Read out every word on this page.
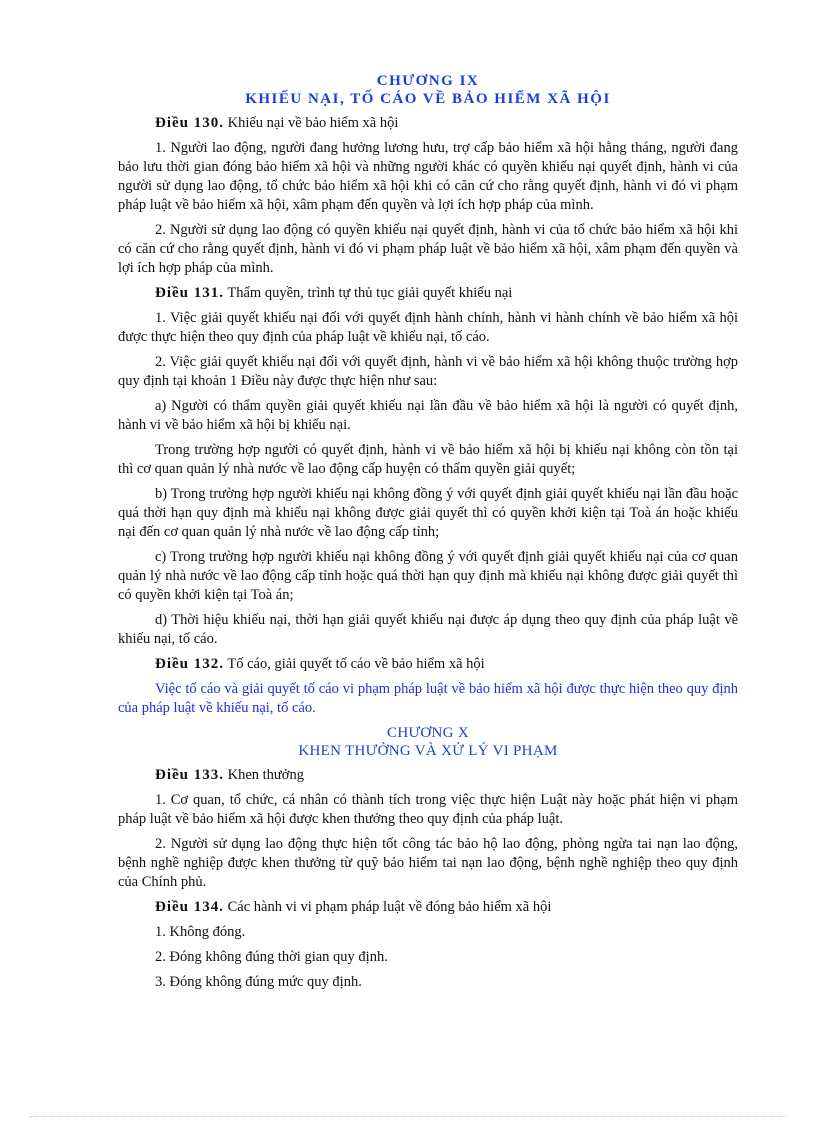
CHƯƠNG IX

KHIẾU NẠI, TỐ CÁO VỀ BẢO HIỂM XÃ HỘI

Điều 130. Khiếu nại về bảo hiểm xã hội

1. Người lao động, người đang hưởng lương hưu, trợ cấp bảo hiểm xã hội hằng tháng, người đang bảo lưu thời gian đóng bảo hiểm xã hội và những người khác có quyền khiếu nại quyết định, hành vi của người sử dụng lao động, tổ chức bảo hiểm xã hội khi có căn cứ cho rằng quyết định, hành vi đó vi phạm pháp luật về bảo hiểm xã hội, xâm phạm đến quyền và lợi ích hợp pháp của mình.

2. Người sử dụng lao động có quyền khiếu nại quyết định, hành vi của tổ chức bảo hiểm xã hội khi có căn cứ cho rằng quyết định, hành vi đó vi phạm pháp luật về bảo hiểm xã hội, xâm phạm đến quyền và lợi ích hợp pháp của mình.

Điều 131. Thẩm quyền, trình tự thủ tục giải quyết khiếu nại

1. Việc giải quyết khiếu nại đối với quyết định hành chính, hành vi hành chính về bảo hiểm xã hội được thực hiện theo quy định của pháp luật về khiếu nại, tố cáo.

2. Việc giải quyết khiếu nại đối với quyết định, hành vi về bảo hiểm xã hội không thuộc trường hợp quy định tại khoản 1 Điều này được thực hiện như sau:

a) Người có thẩm quyền giải quyết khiếu nại lần đầu về bảo hiểm xã hội là người có quyết định, hành vi về bảo hiểm xã hội bị khiếu nại.

Trong trường hợp người có quyết định, hành vi về bảo hiểm xã hội bị khiếu nại không còn tồn tại thì cơ quan quản lý nhà nước về lao động cấp huyện có thẩm quyền giải quyết;

b) Trong trường hợp người khiếu nại không đồng ý với quyết định giải quyết khiếu nại lần đầu hoặc quá thời hạn quy định mà khiếu nại không được giải quyết thì có quyền khởi kiện tại Toà án hoặc khiếu nại đến cơ quan quản lý nhà nước về lao động cấp tỉnh;

c) Trong trường hợp người khiếu nại không đồng ý với quyết định giải quyết khiếu nại của cơ quan quản lý nhà nước về lao động cấp tỉnh hoặc quá thời hạn quy định mà khiếu nại không được giải quyết thì có quyền khởi kiện tại Toà án;

d) Thời hiệu khiếu nại, thời hạn giải quyết khiếu nại được áp dụng theo quy định của pháp luật về khiếu nại, tố cáo.

Điều 132. Tố cáo, giải quyết tố cáo về bảo hiểm xã hội

Việc tố cáo và giải quyết tố cáo vi phạm pháp luật về bảo hiểm xã hội được thực hiện theo quy định của pháp luật về khiếu nại, tố cáo.

CHƯƠNG X

KHEN THƯỞNG VÀ XỬ LÝ VI PHẠM

Điều 133. Khen thưởng

1. Cơ quan, tổ chức, cá nhân có thành tích trong việc thực hiện Luật này hoặc phát hiện vi phạm pháp luật về bảo hiểm xã hội được khen thưởng theo quy định của pháp luật.

2. Người sử dụng lao động thực hiện tốt công tác bảo hộ lao động, phòng ngừa tai nạn lao động, bệnh nghề nghiệp được khen thưởng từ quỹ bảo hiểm tai nạn lao động, bệnh nghề nghiệp theo quy định của Chính phủ.

Điều 134. Các hành vi vi phạm pháp luật về đóng bảo hiểm xã hội

1. Không đóng.

2. Đóng không đúng thời gian quy định.

3. Đóng không đúng mức quy định.
